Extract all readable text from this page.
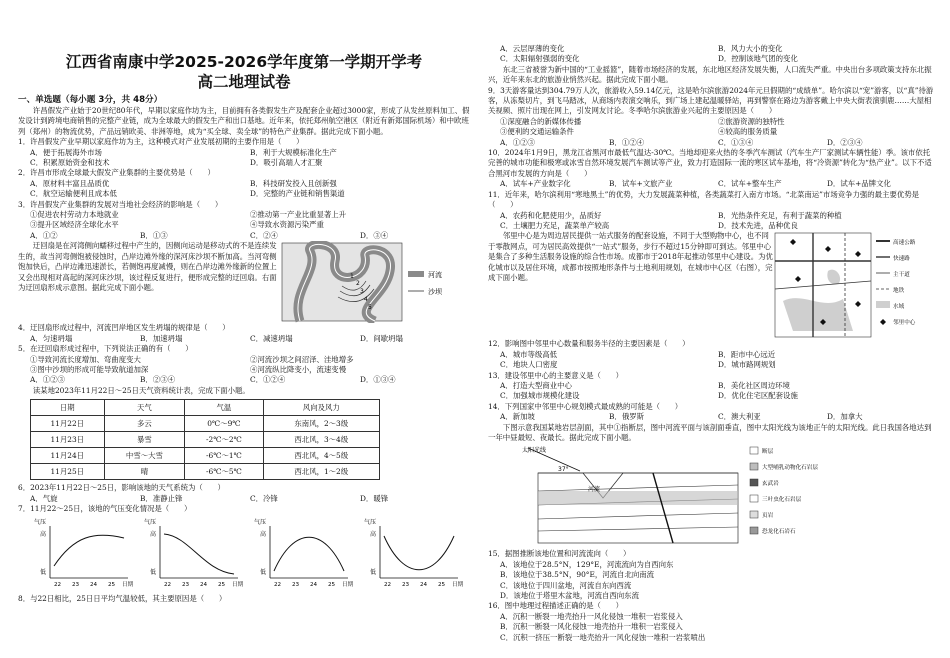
江西省南康中学2025-2026学年度第一学期开学考
高二地理试卷
一、单选题（每小题 3分，共 48分）

许昌假发产业始于20世纪80年代，早期以家庭作坊为主，目前拥有各类假发生产及配套企业超过3000家，形成了从发丝原料加工、假发设计到跨境电商销售的完整产业链，成为全球最大的假发生产和出口基地。近年来，依托郑州航空港区（附近有新郑国际机场）和中欧班列（郑州）的物流优势，产品远销欧美、非洲等地，成为“买全球、卖全球”的特色产业集群。据此完成下面小题。

1．许昌假发产业早期以家庭作坊为主，这种模式对产业发展初期的主要作用是（　　）

A．便于拓展海外市场	B．利于大规模标准化生产
C．积累原始资金和技术	D．吸引高端人才汇聚

2．许昌市形成全球最大假发产业集群的主要优势是（　　）

A．原材料丰富且品质优	B．科技研发投入且创新强
C．航空运输便利且成本低	D．完整的产业链和销售渠道

3．许昌假发产业集群的发展对当地社会经济的影响是（　　）

①促进农村劳动力本地就业	②推动第一产业比重显著上升
③提升区域经济全球化水平	④导致水资源污染严重
A．①②	B．①③	C．②④	D．③④

迂回扇是在河湾侧向蠕移过程中产生的，因侧向运动是移动式的不是连续发生的，故当河弯侧饱被侵蚀时，凸岸边滩外缘的深河床沙坝不断加高。当河弯侧饱加快后，凸岸边滩迅速淤长，若侧饱再度减慢，则在凸岸边滩外缘新的位置上又会出现相对高起的深河床沙坝，该过程反复进行，便形成完整的迂回扇。右面为迂回扇形成示意图。据此完成下面小题。

1
2
3
4
5
河流
沙坝

4．迂回扇形成过程中，河流凹岸地区发生坍塌的规律是（　　）

A．匀速坍塌	B．加速坍塌	C．减速坍塌	D．间歇坍塌

5．在迂回扇形成过程中，下列说法正确的有（　　）

①导致河流长度增加、弯曲度变大	②河流沙坝之间沼泽、洼地增多
③图中沙坝的形成可能导致航道加深	④河流纵比降变小，流速变慢
A．①②③	B．②③④	C．①②④	D．①③④

读某地2023年11月22日～25日天气资料统计表，完成下面小题。

日期	天气	气温	风向及风力
11月22日	多云	0℃～9℃	东南风，2～3级
11月23日	暴雪	-2℃～2℃	西北风，3～4级
11月24日	中雪～大雪	-6℃～1℃	西北风，4～5级
11月25日	晴	-6℃～5℃	西北风，1～2级

6．2023年11月22日～25日，影响该地的天气系统为（　　）

A．气旋	B．准静止锋	C．冷锋	D．暖锋

7．11月22～25日，该地的气压变化情况是（　　）

气压
高
低
22 23 24 25 日期
气压
高
低
22 23 24 25 日期
气压
高
低
22 23 24 25 日期
气压
高
低
22 23 24 25 日期

8．与22日相比，25日日平均气温较低，其主要原因是（　　）

A．云层厚薄的变化	B．风力大小的变化
C．太阳辐射强弱的变化	D．控制该地气团的变化

东北三省被誉为新中国的“工业摇篮”，随着市场经济的发展，东北地区经济发展失衡，人口流失严重。中央出台多项政策支持东北振兴，近年来东北的旅游业悄然兴起。据此完成下面小题。

9．3天游客量达到304.79万人次，旅游收入59.14亿元，这是哈尔滨旅游2024年元旦假期的“成绩单”。哈尔滨以“宠”游客，以“真”待游客，从冻梨切片，到飞马踏冰，从商场内表演交响乐，到广场上建起温暖驿站，再到警察在路边为游客戴上中央大街表演驯鹿……大屋相关视频、照片出现在网上，引发网友讨论。冬季哈尔滨旅游业兴起的主要原因是（　　）

①深度融合的新媒体传播	②旅游资源的独特性
③便利的交通运输条件	④较高的服务质量
A．①②③	B．①②④	C．①③④	D．②③④

10．2024年1月9日，黑龙江省黑河市最低气温达-30℃。当地却迎来火热的冬季汽车测试（汽车生产厂家测试车辆性能）季。该市依托完善的城市功能和极寒或冰雪自然环境发展汽车测试等产业，致力打造国际一流的寒区试车基地，将“冷资源”转化为“热产业”。以下不适合黑河市发展的方向是（　　）

A．试车+产业数字化	B．试车+文旅产业	C．试车+整车生产	D．试车+品牌文化

11．近年来，哈尔滨利用“寒地黑土”的优势，大力发展蔬菜种植，各类蔬菜打入南方市场。“北菜南运”市场竞争力强的最主要优势是（　　）

A．农药和化肥使用少，品质好	B．光热条件充足，有利于蔬菜的种植
C．土壤肥力充足，蔬菜单产较高	D．技术先进，品种优良

邻里中心是为周边居民提供一站式服务的配套设施，不同于大型购物中心，也不同于零散网点，可为居民高效提供“一站式”服务，步行不超过15分钟即可到达。邻里中心是集合了多种生活服务设施的综合性市场。成都市于2018年起推动邻里中心建设。为优化城市以及居住环境，成都市按照地形条件与土地利用规划，在城市中心区（右图），完成下面小题。

高速公路
快速路
主干道
地铁
水域
邻里中心

12．影响图中邻里中心数量和服务半径的主要因素是（　　）

A．城市等级高低	B．距市中心远近
C．地块人口密度	D．城市路网规划

13．建设邻里中心的主要意义是（　　）

A．打造大型商业中心	B．美化社区周边环境
C．加强城市规模化建设	D．优化住宅区配套设施

14．下列国家中邻里中心规划模式最成熟的可能是（　　）

A．新加坡	B．俄罗斯	C．澳大利亚	D．加拿大

下图示意我国某地岩层剖面，其中①指断层，图中河流平面与该剖面垂直，图中太阳光线为该地正午的太阳光线。此日我国各地达到一年中昼最短、夜最长。据此完成下面小题。

太阳光线
河流
37°
断层
大型哺乳动物化石岩层
玄武岩
三叶虫化石岩层
页岩
恐龙化石岩石

15．据图推断该地位置和河流流向（　　）

A．该地位于28.5°N，129°E，河流流向为自西向东
B．该地位于38.5°N，90°E，河流自北向南流
C．该地位于四川盆地，河流自东向西流
D．该地位于塔里木盆地，河流自西向东流

16．图中地理过程描述正确的是（　　）

A．沉积一断裂一地壳抬升一风化侵蚀一堆积一岩浆侵入
B．沉积一断裂一风化侵蚀一地壳抬升一堆积一岩浆侵入
C．沉积一挤压一断裂一地壳抬升一风化侵蚀一堆积一岩浆喷出
